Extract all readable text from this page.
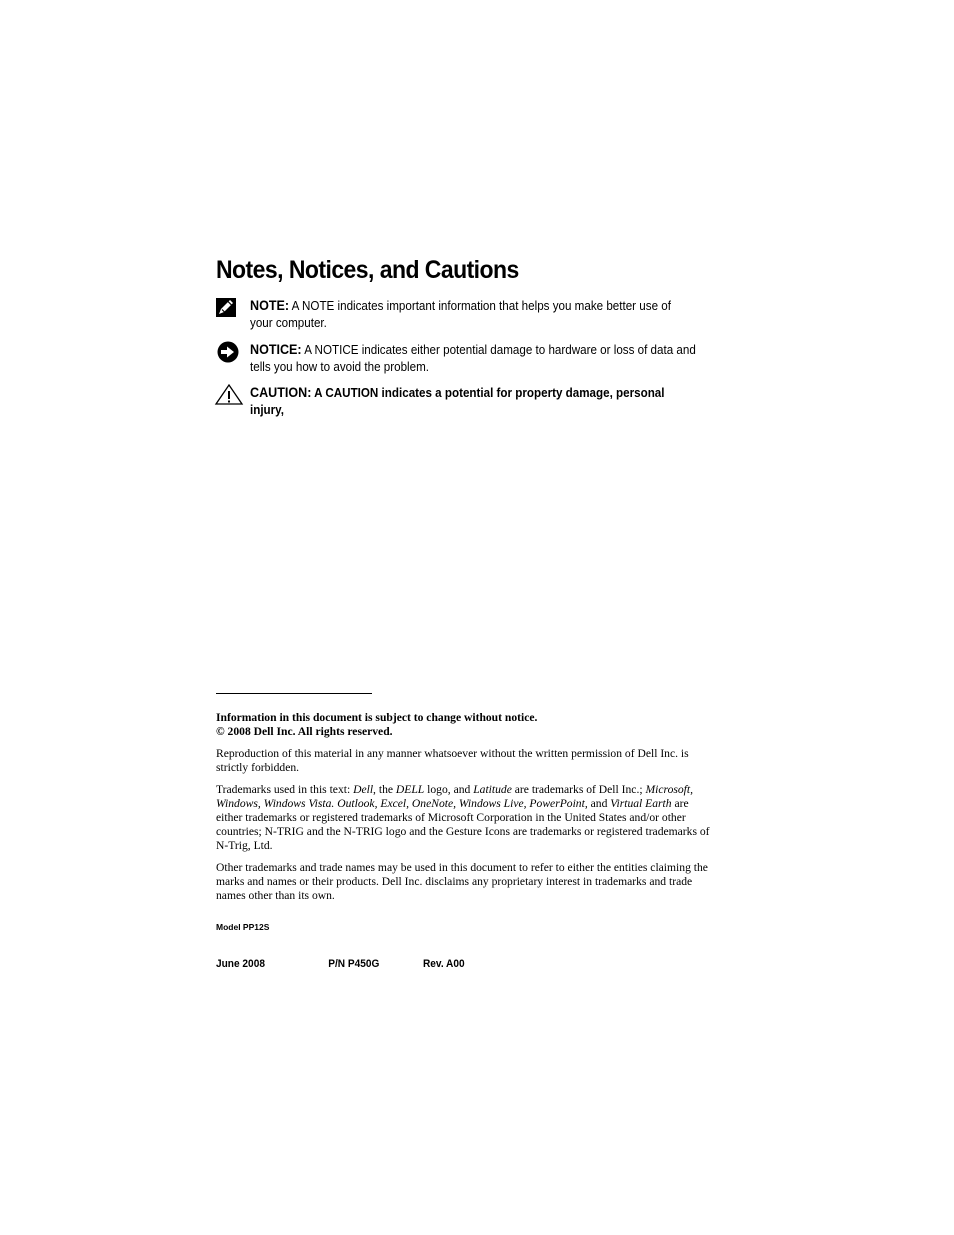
Notes, Notices, and Cautions
NOTE: A NOTE indicates important information that helps you make better use of your computer.
NOTICE: A NOTICE indicates either potential damage to hardware or loss of data and tells you how to avoid the problem.
CAUTION: A CAUTION indicates a potential for property damage, personal injury,

Information in this document is subject to change without notice.

© 2008 Dell Inc. All rights reserved.

Reproduction of this material in any manner whatsoever without the written permission of Dell Inc. is strictly forbidden.

Trademarks used in this text: Dell, the DELL logo, and Latitude are trademarks of Dell Inc.; Microsoft, Windows, Windows Vista. Outlook, Excel, OneNote, Windows Live, PowerPoint, and Virtual Earth are either trademarks or registered trademarks of Microsoft Corporation in the United States and/or other countries; N-TRIG and the N-TRIG logo and the Gesture Icons are trademarks or registered trademarks of N-Trig, Ltd.

Other trademarks and trade names may be used in this document to refer to either the entities claiming the marks and names or their products. Dell Inc. disclaims any proprietary interest in trademarks and trade names other than its own.

Model PP12S
June 2008	P/N P450G	Rev. A00
